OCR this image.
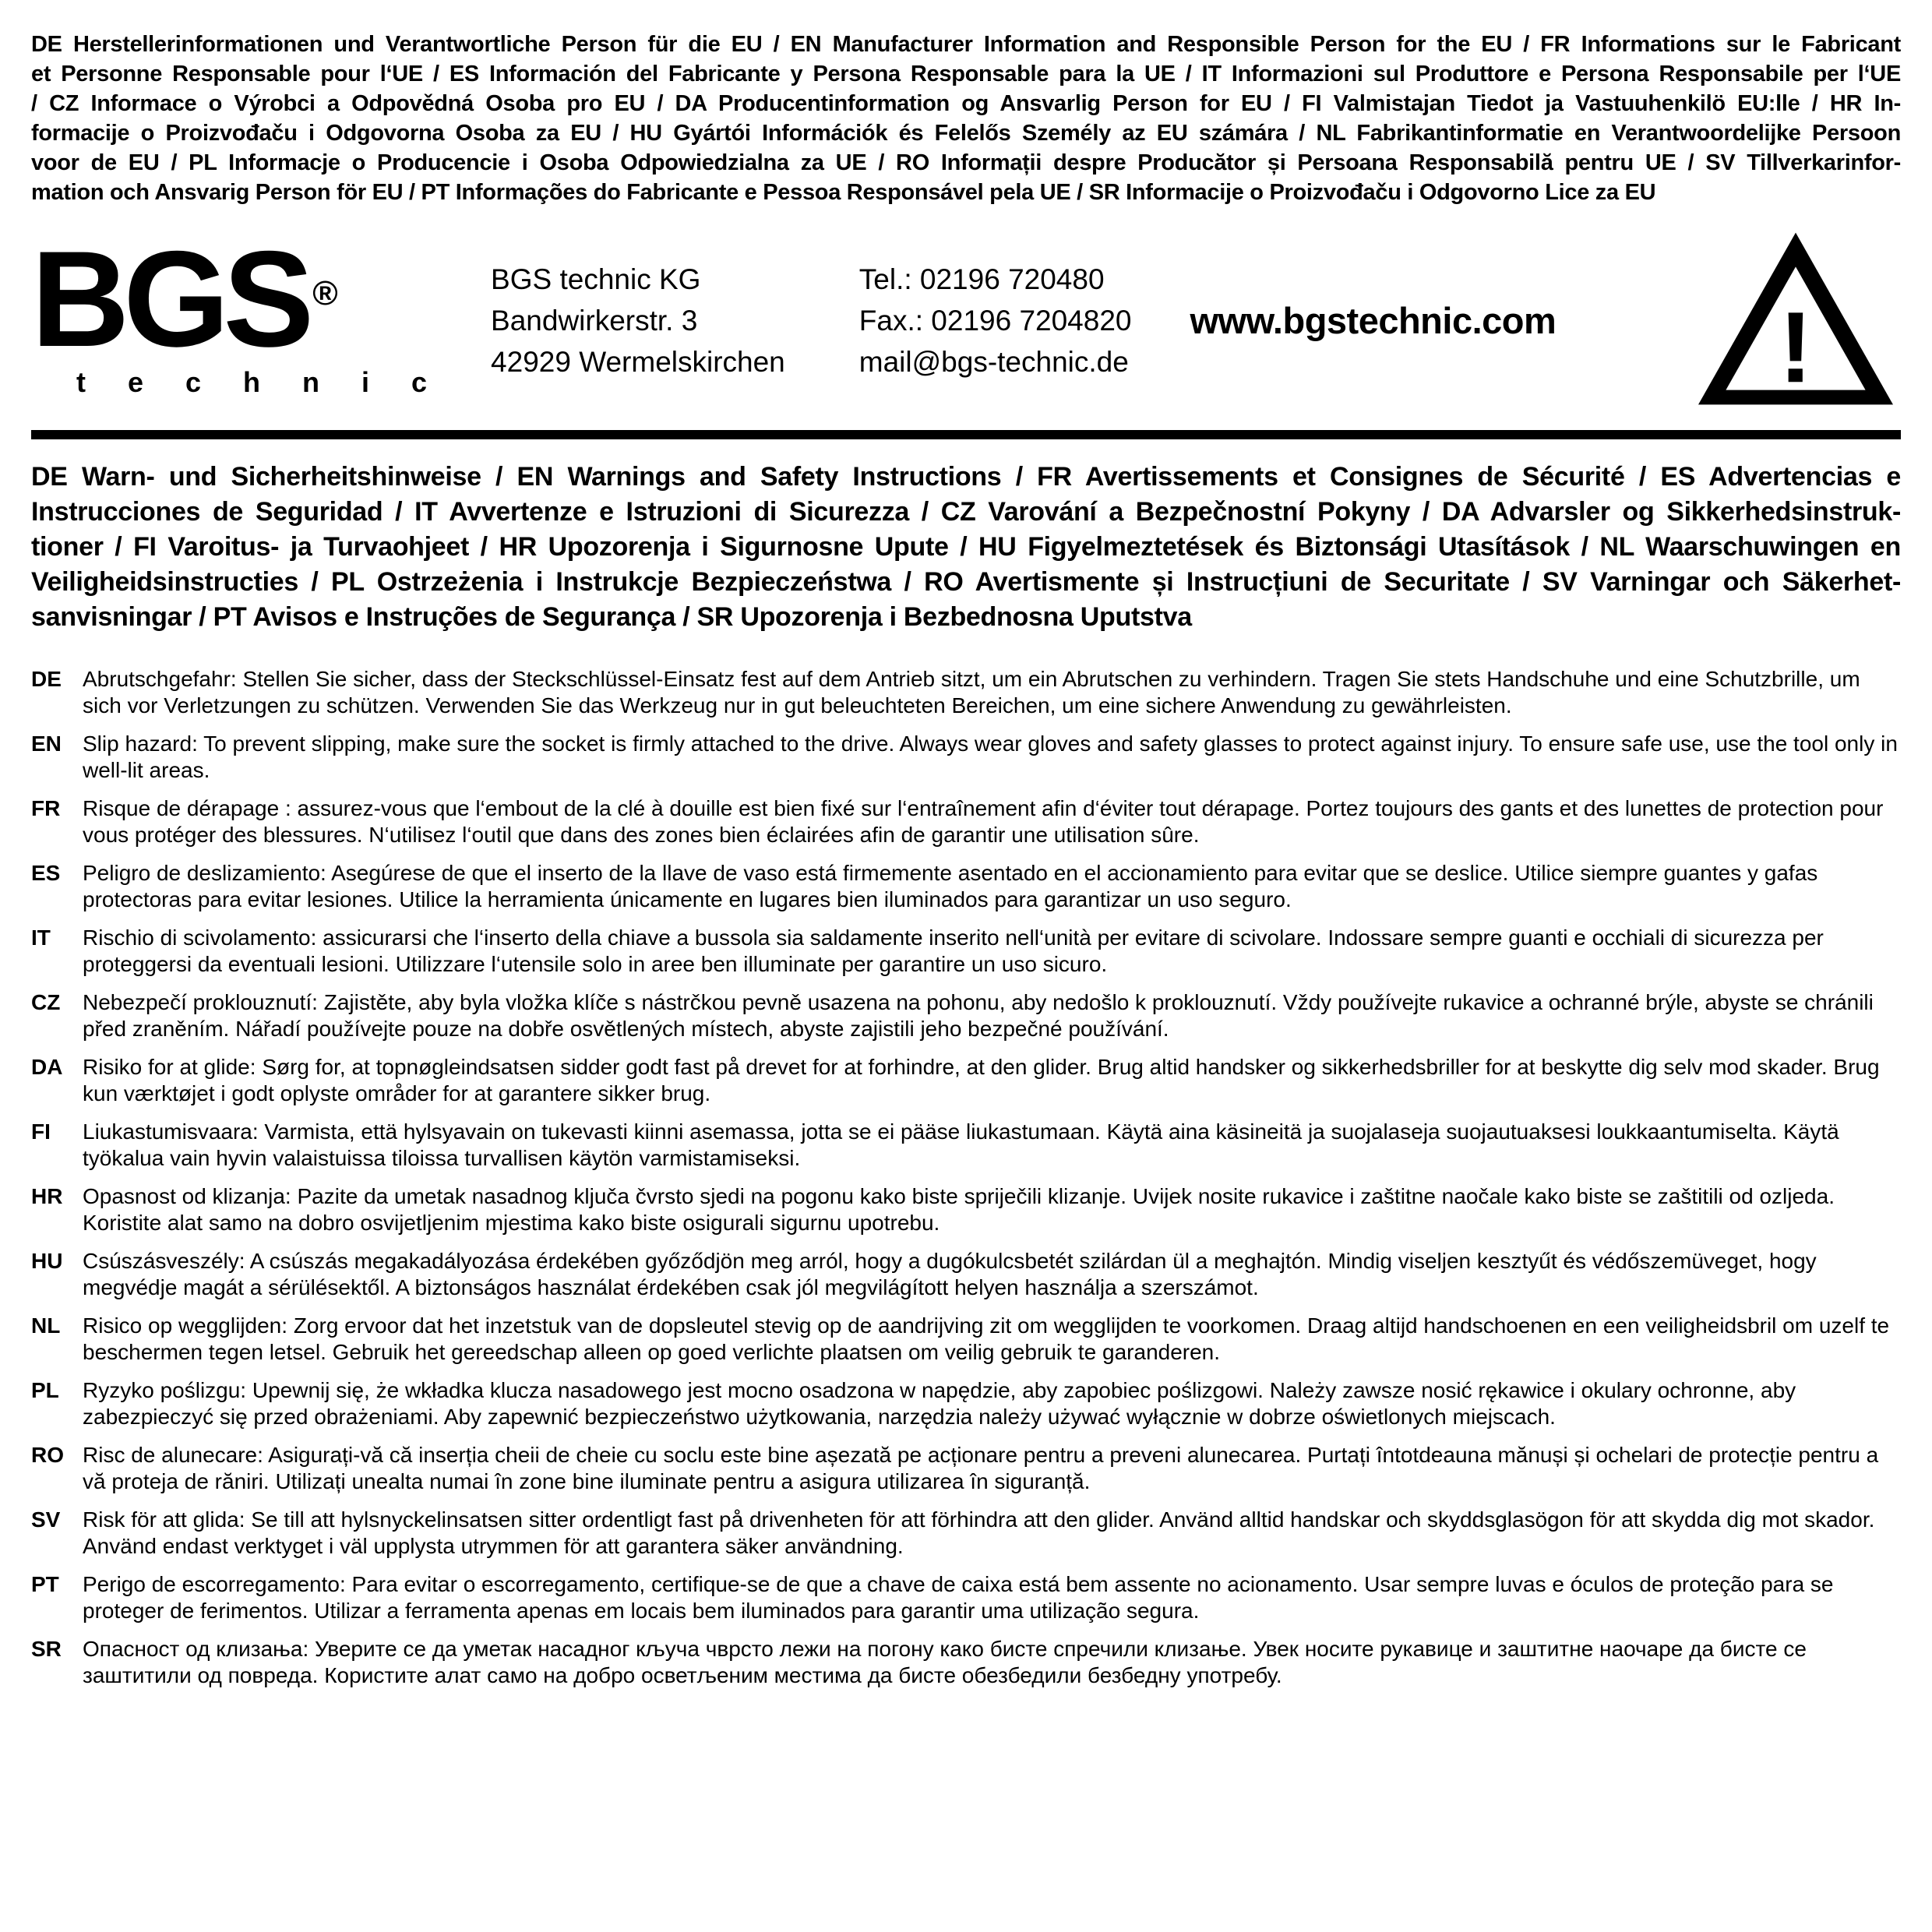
DE Herstellerinformationen und Verantwortliche Person für die EU / EN Manufacturer Information and Responsible Person for the EU / FR Informations sur le Fabricant
et Personne Responsable pour l‘UE / ES Información del Fabricante y Persona Responsable para la UE / IT Informazioni sul Produttore e Persona Responsabile per l‘UE
/ CZ Informace o Výrobci a Odpovědná Osoba pro EU / DA Producentinformation og Ansvarlig Person for EU / FI Valmistajan Tiedot ja Vastuuhenkilö EU:lle / HR In-
formacije o Proizvođaču i Odgovorna Osoba za EU / HU Gyártói Információk és Felelős Személy az EU számára / NL Fabrikantinformatie en Verantwoordelijke Persoon
voor de EU / PL Informacje o Producencie i Osoba Odpowiedzialna za UE / RO Informații despre Producător și Persoana Responsabilă pentru UE / SV Tillverkarinfor-
mation och Ansvarig Person för EU / PT Informações do Fabricante e Pessoa Responsável pela UE / SR Informacije o Proizvođaču i Odgovorno Lice za EU
BGS ®
t e c h n i c
BGS technic KG
Bandwirkerstr. 3
42929 Wermelskirchen
Tel.: 02196 720480
Fax.: 02196 7204820
mail@bgs-technic.de
www.bgstechnic.com	!
DE Warn- und Sicherheitshinweise / EN Warnings and Safety Instructions / FR Avertissements et Consignes de Sécurité / ES Advertencias e
Instrucciones de Seguridad / IT Avvertenze e Istruzioni di Sicurezza / CZ Varování a Bezpečnostní Pokyny / DA Advarsler og Sikkerhedsinstruk-
tioner / FI Varoitus- ja Turvaohjeet / HR Upozorenja i Sigurnosne Upute / HU Figyelmeztetések és Biztonsági Utasítások / NL Waarschuwingen en
Veiligheidsinstructies / PL Ostrzeżenia i Instrukcje Bezpieczeństwa / RO Avertismente și Instrucțiuni de Securitate / SV Varningar och Säkerhet-
sanvisningar / PT Avisos e Instruções de Segurança / SR Upozorenja i Bezbednosna Uputstva
DE Abrutschgefahr: Stellen Sie sicher, dass der Steckschlüssel-Einsatz fest auf dem Antrieb sitzt, um ein Abrutschen zu verhindern. Tragen Sie stets Handschuhe und eine Schutzbrille, um sich vor Verletzungen zu schützen. Verwenden Sie das Werkzeug nur in gut beleuchteten Bereichen, um eine sichere Anwendung zu gewährleisten.
EN Slip hazard: To prevent slipping, make sure the socket is firmly attached to the drive. Always wear gloves and safety glasses to protect against injury. To ensure safe use, use the tool only in well-lit areas.
FR	Risque de dérapage : assurez-vous que l‘embout de la clé à douille est bien fixé sur l‘entraînement afin d‘éviter tout dérapage. Portez toujours des gants et des lunettes de protection pour vous protéger des blessures. N‘utilisez l‘outil que dans des zones bien éclairées afin de garantir une utilisation sûre.
ES	Peligro de deslizamiento: Asegúrese de que el inserto de la llave de vaso está firmemente asentado en el accionamiento para evitar que se deslice. Utilice siempre guantes y gafas protectoras para evitar lesiones. Utilice la herramienta únicamente en lugares bien iluminados para garantizar un uso seguro.
IT	Rischio di scivolamento: assicurarsi che l‘inserto della chiave a bussola sia saldamente inserito nell‘unità per evitare di scivolare. Indossare sempre guanti e occhiali di sicurezza per proteggersi da eventuali lesioni. Utilizzare l‘utensile solo in aree ben illuminate per garantire un uso sicuro.
CZ	Nebezpečí proklouznutí: Zajistěte, aby byla vložka klíče s nástrčkou pevně usazena na pohonu, aby nedošlo k proklouznutí. Vždy používejte rukavice a ochranné brýle, abyste se chránili před zraněním. Nářadí používejte pouze na dobře osvětlených místech, abyste zajistili jeho bezpečné používání.
DA Risiko for at glide: Sørg for, at topnøgleindsatsen sidder godt fast på drevet for at forhindre, at den glider. Brug altid handsker og sikkerhedsbriller for at beskytte dig selv mod skader. Brug kun værktøjet i godt oplyste områder for at garantere sikker brug.
FI	Liukastumisvaara: Varmista, että hylsyavain on tukevasti kiinni asemassa, jotta se ei pääse liukastumaan. Käytä aina käsineitä ja suojalaseja suojautuaksesi loukkaantumiselta. Käytä työkalua vain hyvin valaistuissa tiloissa turvallisen käytön varmistamiseksi.
HR Opasnost od klizanja: Pazite da umetak nasadnog ključa čvrsto sjedi na pogonu kako biste spriječili klizanje. Uvijek nosite rukavice i zaštitne naočale kako biste se zaštitili od ozljeda. Koristite alat samo na dobro osvijetljenim mjestima kako biste osigurali sigurnu upotrebu.
HU Csúszásveszély: A csúszás megakadályozása érdekében győződjön meg arról, hogy a dugókulcsbetét szilárdan ül a meghajtón. Mindig viseljen kesztyűt és védőszemüveget, hogy megvédje magát a sérülésektől. A biztonságos használat érdekében csak jól megvilágított helyen használja a szerszámot.
NL	Risico op wegglijden: Zorg ervoor dat het inzetstuk van de dopsleutel stevig op de aandrijving zit om wegglijden te voorkomen. Draag altijd handschoenen en een veiligheidsbril om uzelf te beschermen tegen letsel. Gebruik het gereedschap alleen op goed verlichte plaatsen om veilig gebruik te garanderen.
PL	Ryzyko poślizgu: Upewnij się, że wkładka klucza nasadowego jest mocno osadzona w napędzie, aby zapobiec poślizgowi. Należy zawsze nosić rękawice i okulary ochronne, aby zabezpieczyć się przed obrażeniami. Aby zapewnić bezpieczeństwo użytkowania, narzędzia należy używać wyłącznie w dobrze oświetlonych miejscach.
RO Risc de alunecare: Asigurați-vă că inserția cheii de cheie cu soclu este bine așezată pe acționare pentru a preveni alunecarea. Purtați întotdeauna mănuși și ochelari de protecție pentru a vă proteja de răniri. Utilizați unealta numai în zone bine iluminate pentru a asigura utilizarea în siguranță.
SV	Risk för att glida: Se till att hylsnyckelinsatsen sitter ordentligt fast på drivenheten för att förhindra att den glider. Använd alltid handskar och skyddsglasögon för att skydda dig mot skador. Använd endast verktyget i väl upplysta utrymmen för att garantera säker användning.
PT	Perigo de escorregamento: Para evitar o escorregamento, certifique-se de que a chave de caixa está bem assente no acionamento. Usar sempre luvas e óculos de proteção para se proteger de ferimentos. Utilizar a ferramenta apenas em locais bem iluminados para garantir uma utilização segura.
SR Опасност од клизања: Уверите се да уметак насадног кључа чврсто лежи на погону како бисте спречили клизање. Увек носите рукавице и заштитне наочаре да бисте се заштитили од повреда. Користите алат само на добро осветљеним местима да бисте обезбедили безбедну употребу.
